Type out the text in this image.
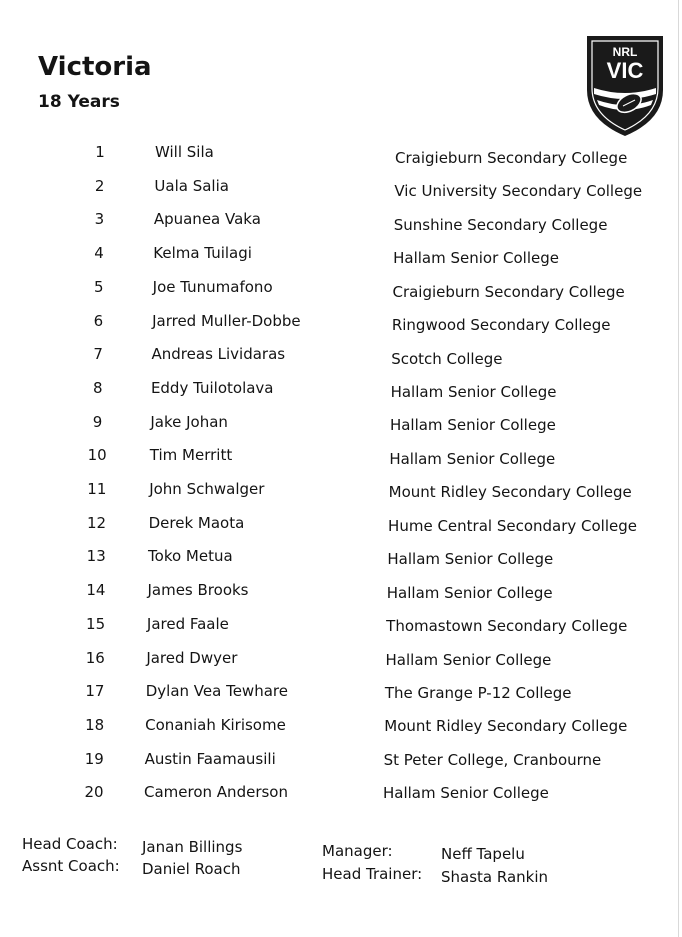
Victoria
18 Years
NRL
VIC
1	Will Sila	Craigieburn Secondary College
2	Uala Salia	Vic University Secondary College
3	Apuanea Vaka	Sunshine Secondary College
4	Kelma Tuilagi	Hallam Senior College
5	Joe Tunumafono	Craigieburn Secondary College
6	Jarred Muller-Dobbe	Ringwood Secondary College
7	Andreas Lividaras	Scotch College
8	Eddy Tuilotolava	Hallam Senior College
9	Jake Johan	Hallam Senior College
10	Tim Merritt	Hallam Senior College
11	John Schwalger	Mount Ridley Secondary College
12	Derek Maota	Hume Central Secondary College
13	Toko Metua	Hallam Senior College
14	James Brooks	Hallam Senior College
15	Jared Faale	Thomastown Secondary College
16	Jared Dwyer	Hallam Senior College
17	Dylan Vea Tewhare	The Grange P-12 College
18	Conaniah Kirisome	Mount Ridley Secondary College
19	Austin Faamausili	St Peter College, Cranbourne
20	Cameron Anderson	Hallam Senior College
Head Coach: Janan Billings
Assnt Coach: Daniel Roach
Manager:	Neff Tapelu
Head Trainer: Shasta Rankin
